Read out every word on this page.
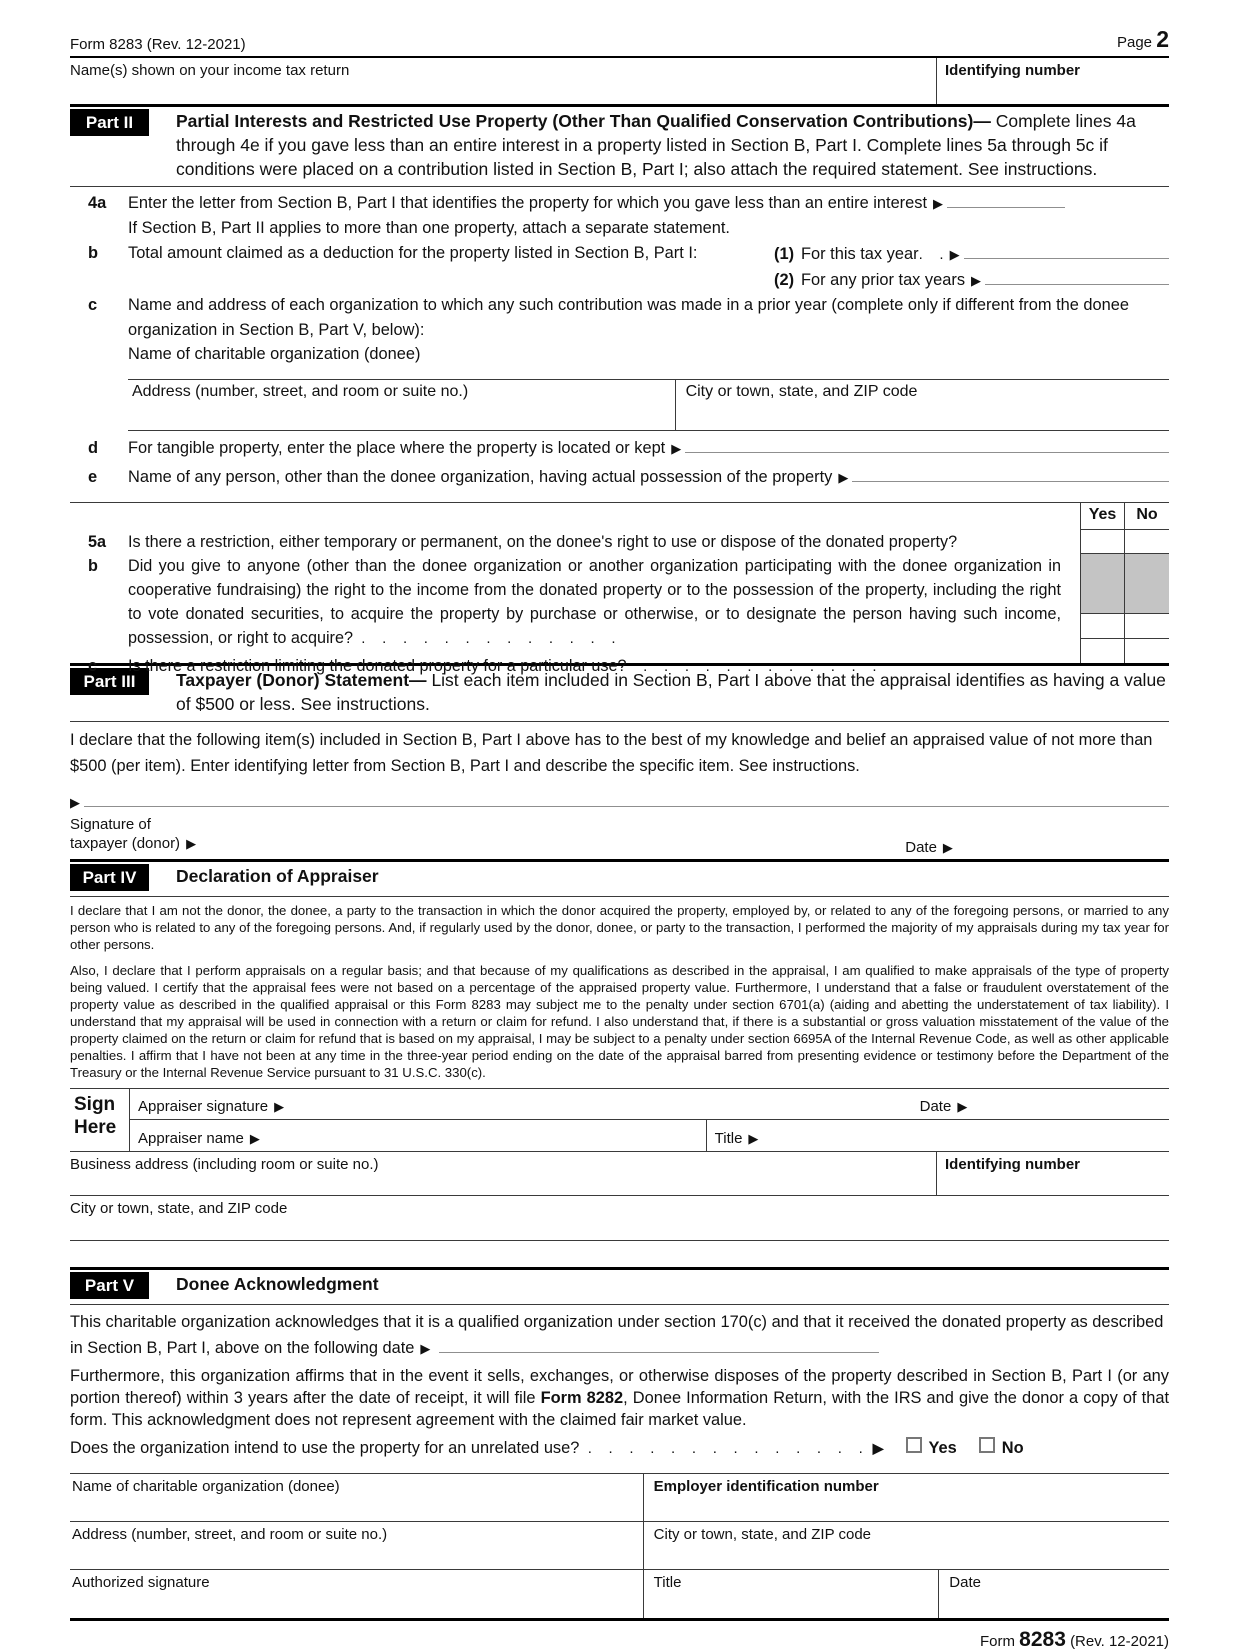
Form 8283 (Rev. 12-2021)	Page 2
Name(s) shown on your income tax return	Identifying number
Part II	Partial Interests and Restricted Use Property (Other Than Qualified Conservation Contributions)— Complete lines 4a through 4e if you gave less than an entire interest in a property listed in Section B, Part I. Complete lines 5a through 5c if conditions were placed on a contribution listed in Section B, Part I; also attach the required statement. See instructions.
4a	Enter the letter from Section B, Part I that identifies the property for which you gave less than an entire interest ▶
If Section B, Part II applies to more than one property, attach a separate statement.
b	Total amount claimed as a deduction for the property listed in Section B, Part I:	(1) For this tax year .    . ▶
(2) For any prior tax years ▶
c	Name and address of each organization to which any such contribution was made in a prior year (complete only if different from the donee organization in Section B, Part V, below):
Name of charitable organization (donee)
Address (number, street, and room or suite no.)	City or town, state, and ZIP code
d	For tangible property, enter the place where the property is located or kept ▶
e	Name of any person, other than the donee organization, having actual possession of the property ▶
Yes	No
5a	Is there a restriction, either temporary or permanent, on the donee's right to use or dispose of the donated property?
b	Did you give to anyone (other than the donee organization or another organization participating with the donee organization in cooperative fundraising) the right to the income from the donated property or to the possession of the property, including the right to vote donated securities, to acquire the property by purchase or otherwise, or to designate the person having such income, possession, or right to acquire?  .    .    .    .    .    .    .    .    .    .    .    .    .
c	Is there a restriction limiting the donated property for a particular use?    .    .    .    .    .    .    .    .    .    .    .    .
Part III	Taxpayer (Donor) Statement— List each item included in Section B, Part I above that the appraisal identifies as having a value of $500 or less. See instructions.
I declare that the following item(s) included in Section B, Part I above has to the best of my knowledge and belief an appraised value of not more than $500 (per item). Enter identifying letter from Section B, Part I and describe the specific item. See instructions.
▶
Signature of
taxpayer (donor) ▶	Date ▶
Part IV	Declaration of Appraiser
I declare that I am not the donor, the donee, a party to the transaction in which the donor acquired the property, employed by, or related to any of the foregoing persons, or married to any person who is related to any of the foregoing persons. And, if regularly used by the donor, donee, or party to the transaction, I performed the majority of my appraisals during my tax year for other persons.
Also, I declare that I perform appraisals on a regular basis; and that because of my qualifications as described in the appraisal, I am qualified to make appraisals of the type of property being valued. I certify that the appraisal fees were not based on a percentage of the appraised property value. Furthermore, I understand that a false or fraudulent overstatement of the property value as described in the qualified appraisal or this Form 8283 may subject me to the penalty under section 6701(a) (aiding and abetting the understatement of tax liability). I understand that my appraisal will be used in connection with a return or claim for refund. I also understand that, if there is a substantial or gross valuation misstatement of the value of the property claimed on the return or claim for refund that is based on my appraisal, I may be subject to a penalty under section 6695A of the Internal Revenue Code, as well as other applicable penalties. I affirm that I have not been at any time in the three-year period ending on the date of the appraisal barred from presenting evidence or testimony before the Department of the Treasury or the Internal Revenue Service pursuant to 31 U.S.C. 330(c).
Sign
Here
Appraiser signature ▶	Date ▶
Appraiser name ▶	Title ▶
Business address (including room or suite no.)	Identifying number
City or town, state, and ZIP code
Part V	Donee Acknowledgment
This charitable organization acknowledges that it is a qualified organization under section 170(c) and that it received the donated property as described in Section B, Part I, above on the following date ▶
Furthermore, this organization affirms that in the event it sells, exchanges, or otherwise disposes of the property described in Section B, Part I (or any portion thereof) within 3 years after the date of receipt, it will file Form 8282, Donee Information Return, with the IRS and give the donor a copy of that form. This acknowledgment does not represent agreement with the claimed fair market value.
Does the organization intend to use the property for an unrelated use? .    .    .    .    .    .    .    .    .    .    .    .    .    . ▶	Yes	No
Name of charitable organization (donee)	Employer identification number
Address (number, street, and room or suite no.)	City or town, state, and ZIP code
Authorized signature	Title	Date
Form 8283 (Rev. 12-2021)
